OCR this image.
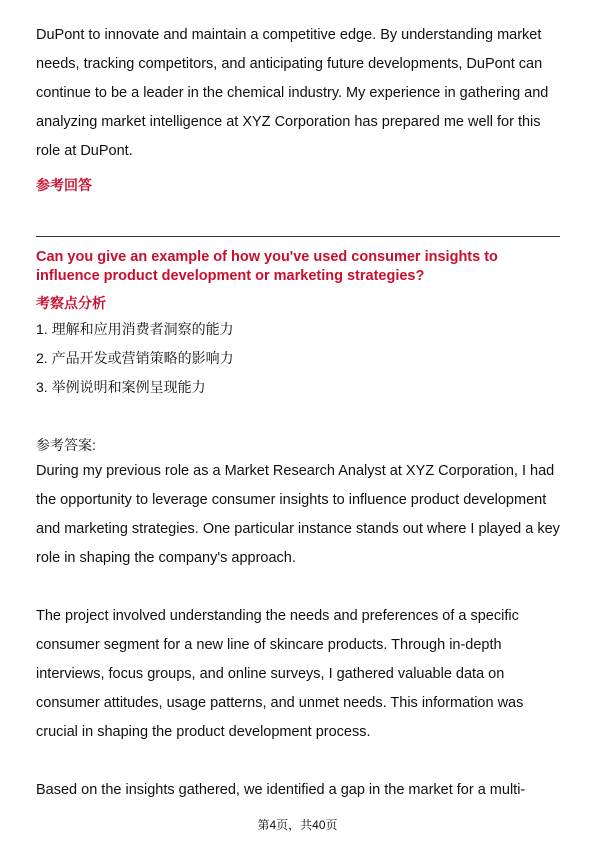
DuPont to innovate and maintain a competitive edge. By understanding market needs, tracking competitors, and anticipating future developments, DuPont can continue to be a leader in the chemical industry. My experience in gathering and analyzing market intelligence at XYZ Corporation has prepared me well for this role at DuPont.

参考回答

Can you give an example of how you've used consumer insights to influence product development or marketing strategies?

考察点分析

1. 理解和应用消费者洞察的能力

2. 产品开发或营销策略的影响力

3. 举例说明和案例呈现能力

参考答案:

During my previous role as a Market Research Analyst at XYZ Corporation, I had the opportunity to leverage consumer insights to influence product development and marketing strategies. One particular instance stands out where I played a key role in shaping the company's approach.

The project involved understanding the needs and preferences of a specific consumer segment for a new line of skincare products. Through in-depth interviews, focus groups, and online surveys, I gathered valuable data on consumer attitudes, usage patterns, and unmet needs. This information was crucial in shaping the product development process.

Based on the insights gathered, we identified a gap in the market for a multi-

第4页，共40页
